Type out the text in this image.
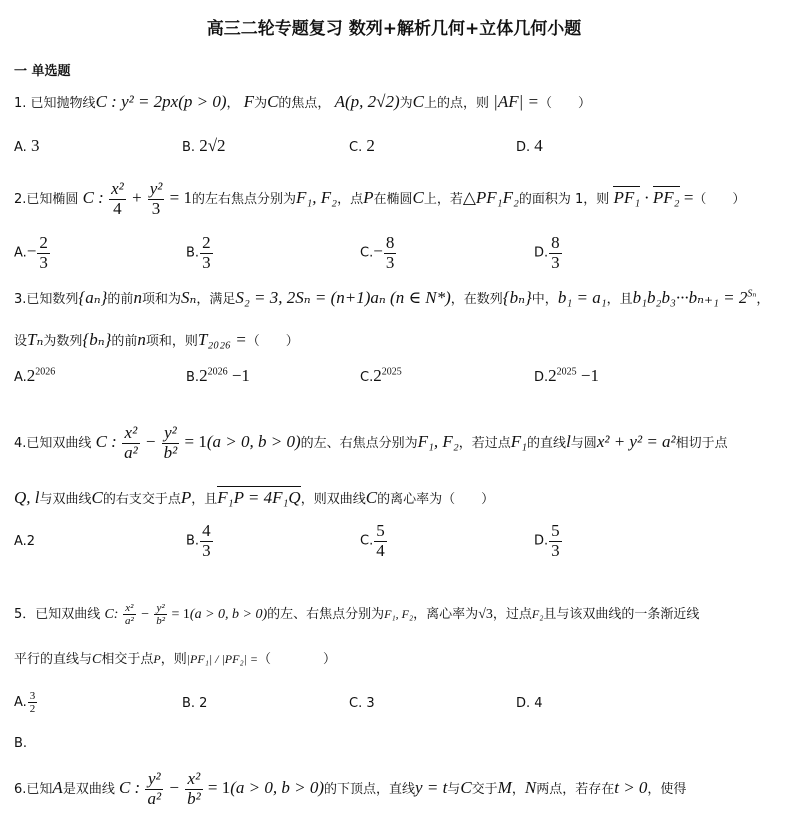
高三二轮专题复习 数列+解析几何+立体几何小题
一 单选题
1. 已知抛物线C : y² = 2px(p > 0)， F为C的焦点， A(p, 2√2)为C上的点，则 |AF| =（　　）
A. 3	B. 2√2	C. 2	D. 4
2.已知椭圆 C : $\frac{\text{x²}}{4} + \frac{\text{y²}}{3} = 1$的左右焦点分别为F₁, F₂，点P在椭圆C上，若△PF₁F₂的面积为 1，则 PF₁ · PF₂ =（　　）
$A.- \frac{2}{3}$	B. $\frac{2}{3}$	$C.- \frac{8}{3}$	D. $\frac{8}{3}$
3.已知数列{aₙ}的前n项和为Sₙ，满足S₂ = 3, 2Sₙ = (n+1)aₙ (n ∈ N*)，在数列{bₙ}中，b₁ = a₁，且$b_1b_2b_3\cdot\cdot\cdot b_{n+1} = 2^{S_n}$，
设Tₙ为数列{bₙ}的前n项和，则T₂₀₂₆ =（　　）
$A.2^{2026}$	$B.2^{2026} -1$	$C.2^{2025}$	$D.2^{2025} -1$
4.已知双曲线 C : $\frac{\text{x²}}{\text{a²}} - \frac{\text{y²}}{\text{b²}} = 1(a > 0$, b > 0)的左、右焦点分别为F₁, F₂，若过点F₁的直线l与圆x² + y² = a²相切于点
Q, l与双曲线C的右支交于点P，且F₁P = 4F₁Q，则双曲线C的离心率为（　　）
A.2	B. $\frac{4}{3}$	C. $\frac{5}{4}$	D. $\frac{5}{3}$
5．已知双曲线 C: $\frac{\text{x²}}{\text{a²}} - \frac{\text{y²}}{\text{b²}} = 1(a > 0$, b > 0)的左、右焦点分别为F₁, F₂，离心率为√3，过点F₂且与该双曲线的一条渐近线
平行的直线与C相交于点P，则|PF₁| / |PF₂| =（　　　　）
A. $\frac{3}{2}$	B. 2	C. 3	D. 4
B.
6.已知A是双曲线 C : $\frac{\text{y²}}{\text{a²}} - \frac{\text{x²}}{\text{b²}} = 1(a > 0$, b > 0)的下顶点，直线y = t与C交于M，N两点，若存在t > 0，使得
